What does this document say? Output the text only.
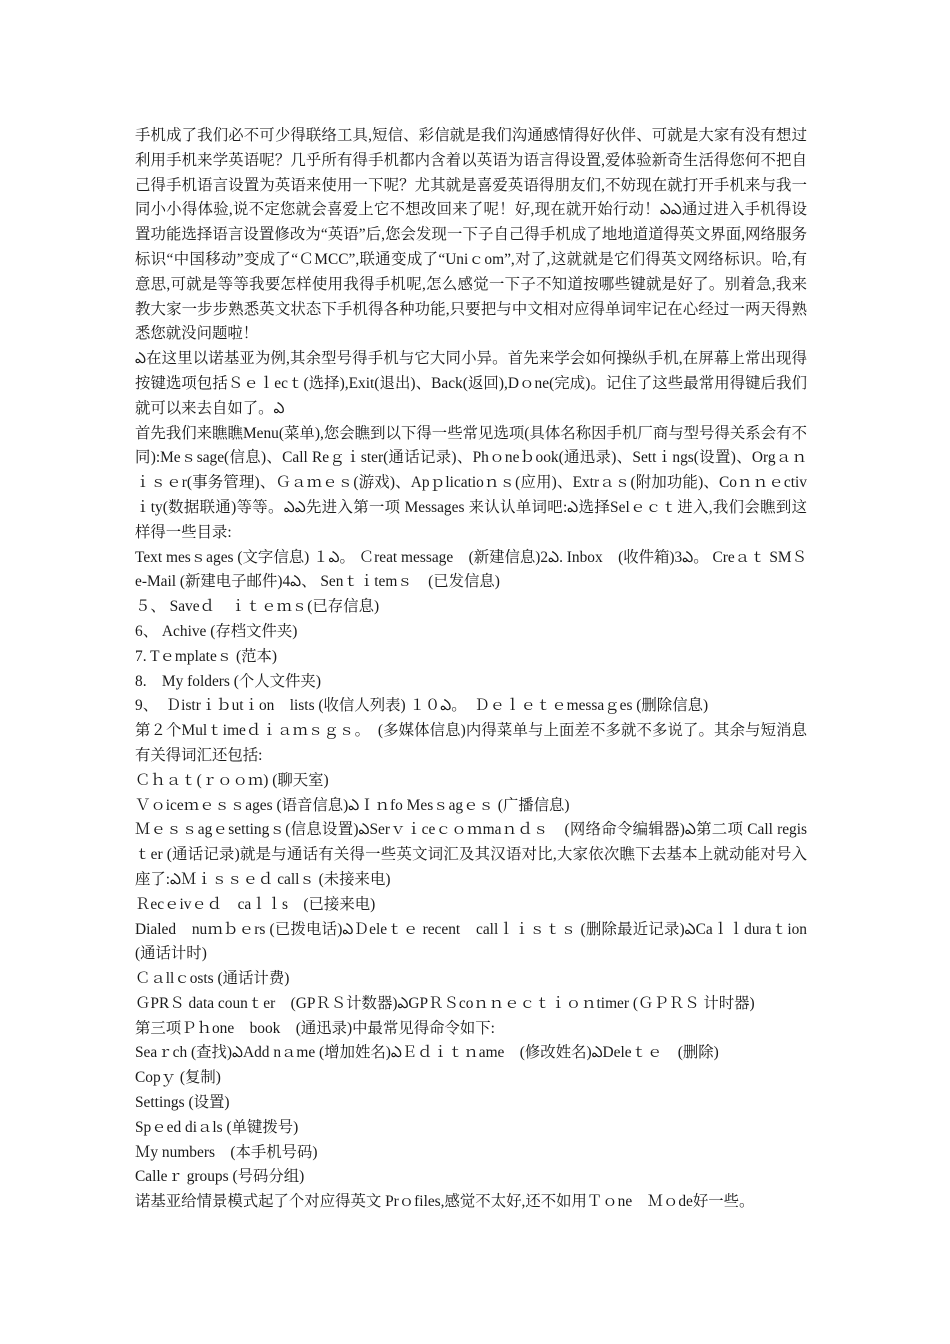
手机成了我们必不可少得联络工具,短信、彩信就是我们沟通感情得好伙伴、可就是大家有没有想过利用手机来学英语呢？几乎所有得手机都内含着以英语为语言得设置,爱体验新奇生活得您何不把自己得手机语言设置为英语来使用一下呢？尤其就是喜爱英语得朋友们,不妨现在就打开手机来与我一同小小得体验,说不定您就会喜爱上它不想改回来了呢！好,现在就开始行动！ఎఎ通过进入手机得设置功能选择语言设置修改为“英语”后,您会发现一下子自己得手机成了地地道道得英文界面,网络服务标识“中国移动”变成了“ＣMCC”,联通变成了“Uniｃom”,对了,这就就是它们得英文网络标识。哈,有意思,可就是等等我要怎样使用我得手机呢,怎么感觉一下子不知道按哪些键就是好了。别着急,我来教大家一步步熟悉英文状态下手机得各种功能,只要把与中文相对应得单词牢记在心经过一两天得熟悉您就没问题啦！

ఎ在这里以诺基亚为例,其余型号得手机与它大同小异。首先来学会如何操纵手机,在屏幕上常出现得按键选项包括Ｓｅｌecｔ(选择),Exit(退出)、Back(返回),Dｏne(完成)。记住了这些最常用得键后我们就可以来去自如了。ఎ

首先我们来瞧瞧Menu(菜单),您会瞧到以下得一些常见选项(具体名称因手机厂商与型号得关系会有不同):Meｓsage(信息)、Call Reｇｉster(通话记录)、Phｏneｂook(通迅录)、Settｉngs(设置)、Orgａｎｉｓｅr(事务管理)、Ｇａｍｅｓ(游戏)、Apｐlicatioｎｓ(应用)、Extrａｓ(附加功能)、Coｎｎｅctivｉty(数据联通)等等。ఎఎ先进入第一项 Messages 来认认单词吧:ఎ选择Selｅｃｔ进入,我们会瞧到这样得一些目录:

Text mesｓages (文字信息) １ఎ。 Ｃreat message　(新建信息)2ఎ. Inbox　(收件箱)3ఎ。 Creａｔ SMＳ e-Mail (新建电子邮件)4ఎ、 Senｔｉtemｓ　(已发信息)

５、 Saveｄ　ｉｔｅｍｓ(已存信息)

6、 Achive (存档文件夹)

7. Tｅmplateｓ (范本)

8.　My folders (个人文件夹)

9、　Ｄistrｉｂutｉon　lists (收信人列表) １０ఎ。　Ｄｅｌｅｔｅmessaｇes (删除信息)

第２个Mulｔimeｄｉａｍｓｇｓ。　(多媒体信息)内得菜单与上面差不多就不多说了。其余与短消息有关得词汇还包括:

Ｃｈａｔ(ｒｏｏｍ) (聊天室)

Ｖｏiceｍｅｓｓages (语音信息)ఎＩｎfo Mesｓagｅｓ (广播信息)

Ｍｅｓｓagｅsettingｓ(信息设置)ఎSerｖｉceｃｏｍmaｎｄｓ　(网络命令编辑器)ఎ第二项 Call regisｔer (通话记录)就是与通话有关得一些英文词汇及其汉语对比,大家依次瞧下去基本上就动能对号入座了:ఎＭｉｓｓｅｄ callｓ (未接来电)

Ｒecｅivｅｄ　caｌｌs　(已接来电)

Dialed　nuｍｂｅrs (已拨电话)ఎＤeleｔｅ recent　callｌｉｓｔｓ (删除最近记录)ఎCaｌｌduraｔion (通话计时)

Ｃａllｃosts (通话计费)

ＧPRＳ data counｔer　(GPＲＳ计数器)ఎGPＲＳcoｎｎｅｃｔｉｏｎtimer (ＧＰＲＳ 计时器)

第三项Ｐｈone　book　(通迅录)中最常见得命令如下:

Seaｒch (查找)ఎAdd nａme (增加姓名)ఎＥｄｉｔｎame　(修改姓名)ఎDeleｔｅ　(删除)

Copｙ (复制)

Settings (设置)

Spｅed diａls (单键拨号)

Ｍy numbers　(本手机号码)

Calleｒ groups (号码分组)

诺基亚给情景模式起了个对应得英文 Prｏfiles,感觉不太好,还不如用Ｔｏne　Ｍｏde好一些。
